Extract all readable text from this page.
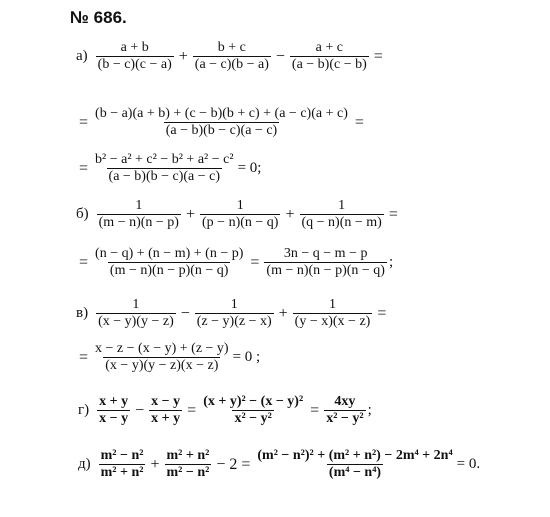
№ 686.
$а) \frac{a + b}{(b - c)(c - a)} + \frac{b + c}{(a - c)(b - a)} - \frac{a + c}{(a - b)(c - b)}$ =
= $\frac{(b - a)(a + b) + (c - b)(b + c) + (a - c)(a + c)}{(a - b)(b - c)(a - c)}$ =
= $\frac{\text{b² − a² + c² − b² + a² − c²}}{(a - b)(b - c)(a - c)} = 0$;
$б) \frac{1}{(m - n)(n - p)} + \frac{1}{(p - n)(n - q)} + \frac{1}{(q - n)(n - m)}$ =
= $\frac{(n - q) + (n - m) + (n - p)}{(m - n)(n - p)(n - q)} = \frac{3n - q - m - p}{(m - n)(n - p)(n - q)}$ ;
$в) \frac{1}{(x - y)(y - z)} - \frac{1}{(z - y)(z - x)} + \frac{1}{(y - x)(x - z)}$ =
= $\frac{x - z - (x - y) + (z - y)}{(x - y)(y - z)(x - z)} = 0$ ;
$г) \frac{x + y}{x - y} - \frac{x - y}{x + y} = \frac{\text{(x + y)² − (x − y)²}}{\text{x² − y²}} = \frac{4xy}{\text{x² − y²}}$ ;
$д) \frac{\text{m² − n²}}{\text{m² + n²}} + \frac{\text{m² + n²}}{\text{m² − n²}} - 2 = \frac{\text{(m² − n²)² + (m² + n²) − 2m⁴ + 2n⁴}}{\text{(m⁴ − n⁴)}} = 0$.
